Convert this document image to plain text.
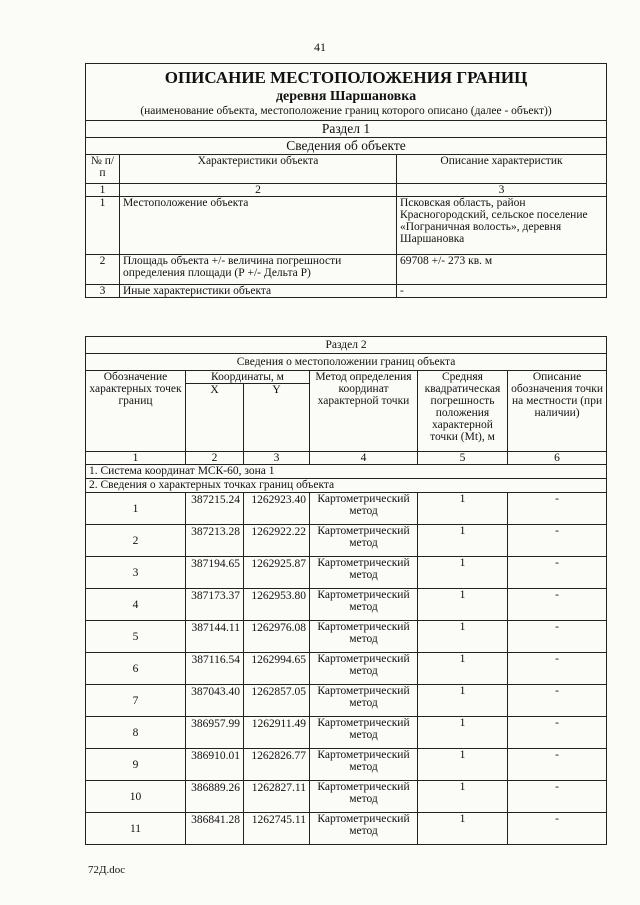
41
ОПИСАНИЕ МЕСТОПОЛОЖЕНИЯ ГРАНИЦ		
деревня Шаршановка		
(наименование объекта, местоположение границ которого описано (далее - объект))		
Раздел 1		
Сведения об объекте		
№ п/п	Характеристики объекта	Описание характеристик
1	2	3
1	Местоположение объекта	Псковская область, район Красногородский, сельское поселение «Пограничная волость», деревня Шаршановка
2	Площадь объекта +/- величина погрешности определения площади (Р +/- Дельта Р)	69708 +/- 273 кв. м
3	Иные характеристики объекта	-
Раздел 2					
Сведения о местоположении границ объекта					
Обозначение характерных точек границ	Координаты, м		Метод определения координат характерной точки	Средняя квадратическая погрешность положения характерной точки (Mt), м	Описание обозначения точки на местности (при наличии)
	X	Y			
1	2	3	4	5	6
1. Система координат МСК-60, зона 1					
2. Сведения о характерных точках границ объекта					
1	387215.24	1262923.40	Картометрический метод	1	-
2	387213.28	1262922.22	Картометрический метод	1	-
3	387194.65	1262925.87	Картометрический метод	1	-
4	387173.37	1262953.80	Картометрический метод	1	-
5	387144.11	1262976.08	Картометрический метод	1	-
6	387116.54	1262994.65	Картометрический метод	1	-
7	387043.40	1262857.05	Картометрический метод	1	-
8	386957.99	1262911.49	Картометрический метод	1	-
9	386910.01	1262826.77	Картометрический метод	1	-
10	386889.26	1262827.11	Картометрический метод	1	-
11	386841.28	1262745.11	Картометрический метод	1	-
72Д.doc
